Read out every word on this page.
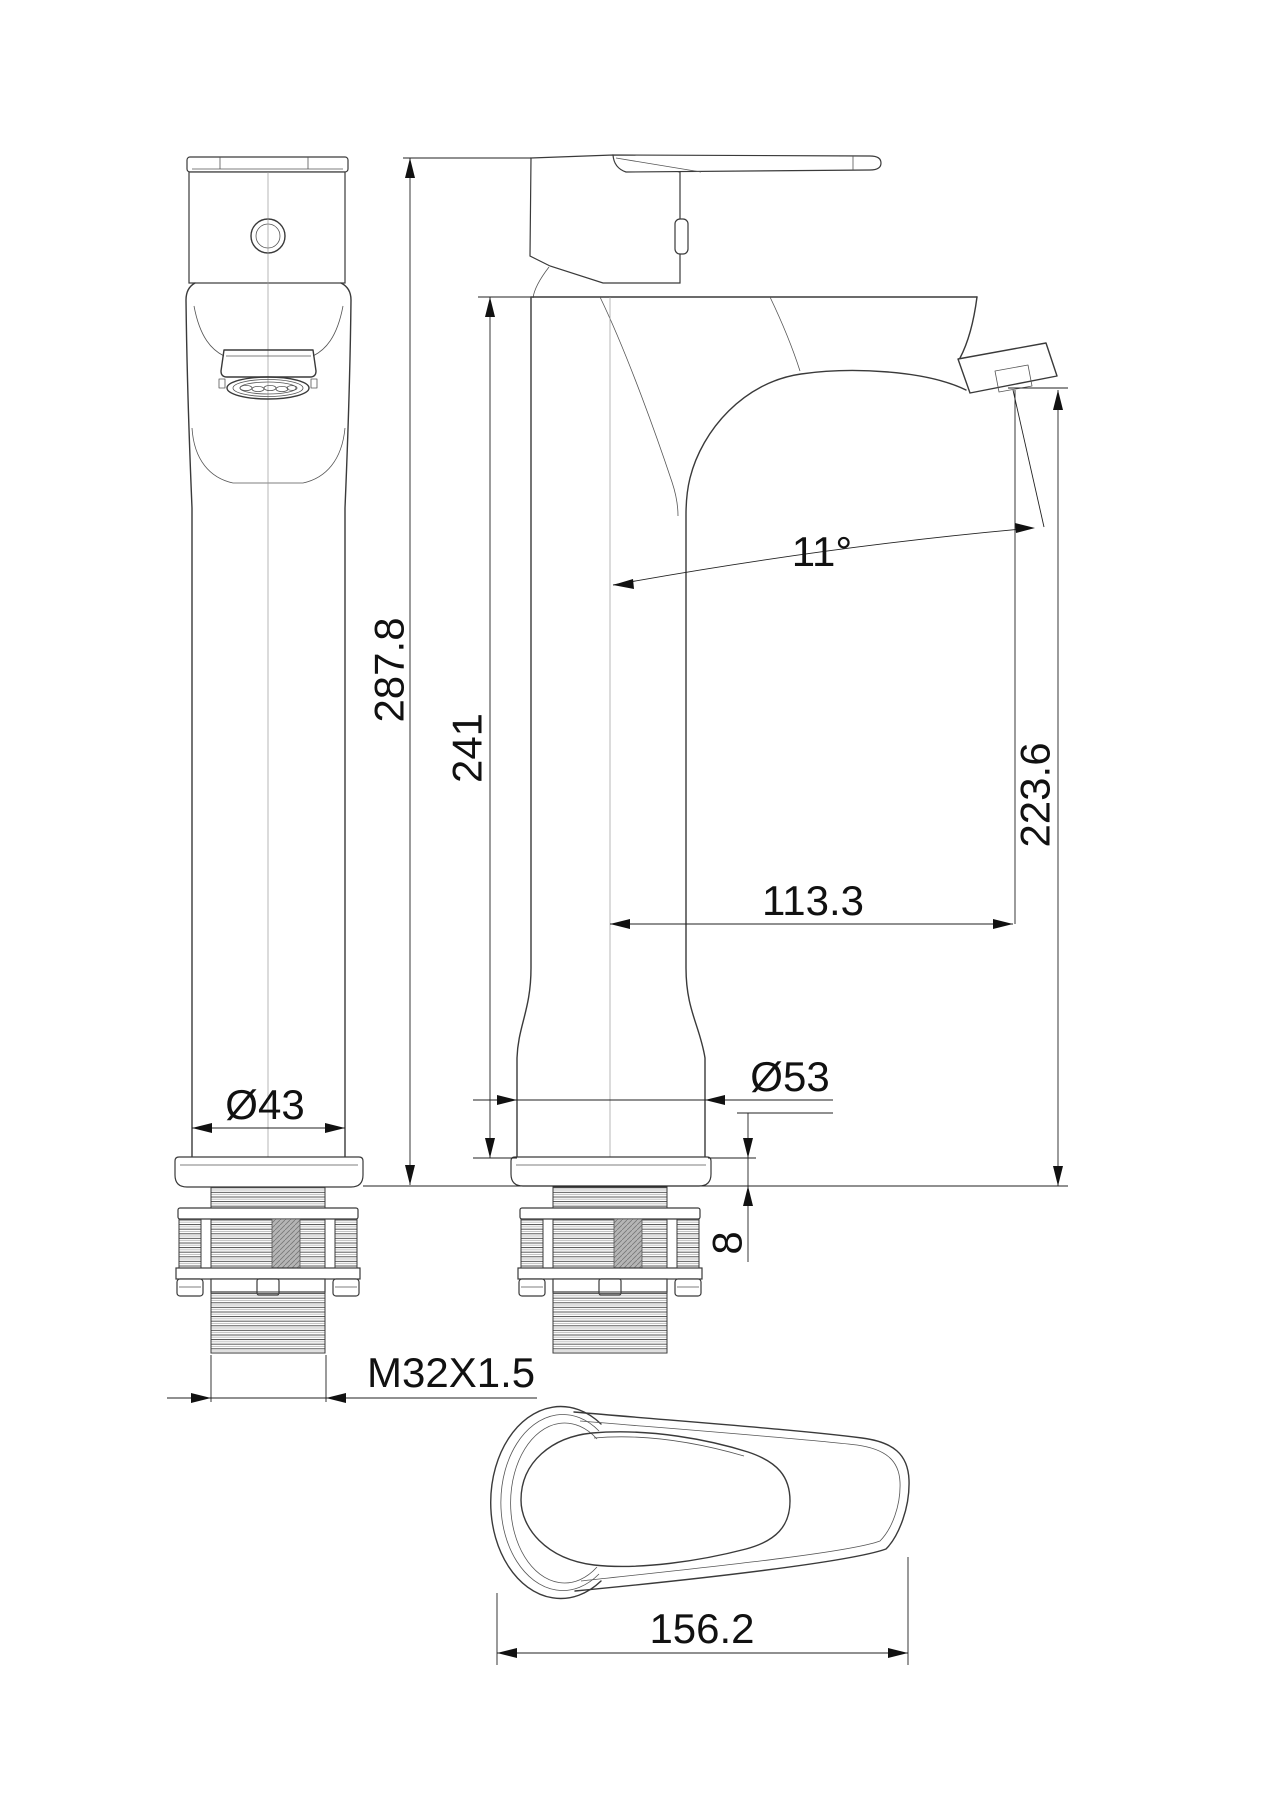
287.8
241	223.6
113.3
11°
Ø43
Ø53
8
M32X1.5
156.2
